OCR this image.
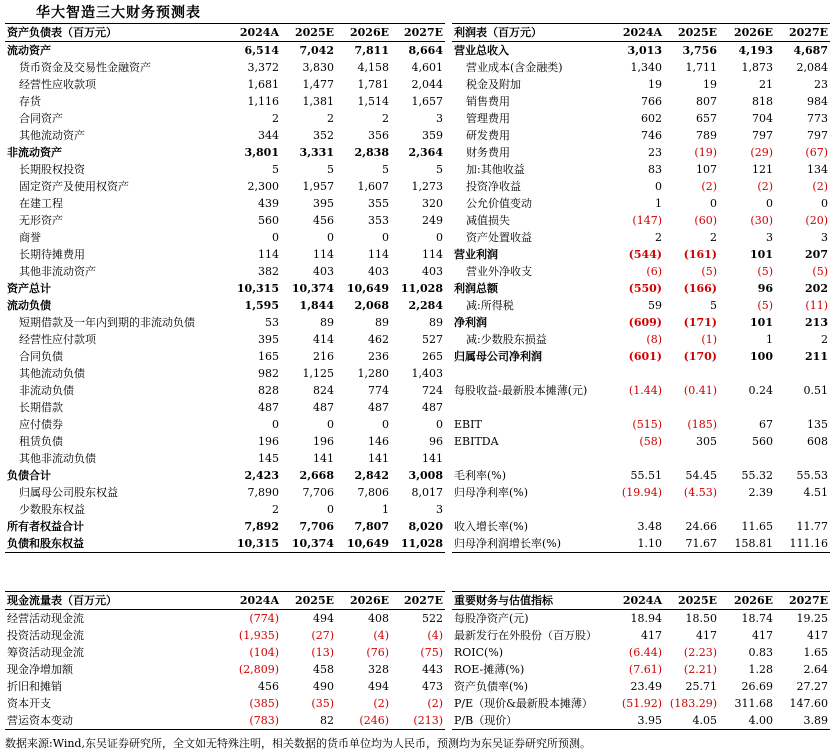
华大智造三大财务预测表
资产负债表（百万元）	2024A	2025E	2026E	2027E
流动资产	6,514	7,042	7,811	8,664
货币资金及交易性金融资产	3,372	3,830	4,158	4,601
经营性应收款项	1,681	1,477	1,781	2,044
存货	1,116	1,381	1,514	1,657
合同资产	2	2	2	3
其他流动资产	344	352	356	359
非流动资产	3,801	3,331	2,838	2,364
长期股权投资	5	5	5	5
固定资产及使用权资产	2,300	1,957	1,607	1,273
在建工程	439	395	355	320
无形资产	560	456	353	249
商誉	0	0	0	0
长期待摊费用	114	114	114	114
其他非流动资产	382	403	403	403
资产总计	10,315	10,374	10,649	11,028
流动负债	1,595	1,844	2,068	2,284
短期借款及一年内到期的非流动负债	53	89	89	89
经营性应付款项	395	414	462	527
合同负债	165	216	236	265
其他流动负债	982	1,125	1,280	1,403
非流动负债	828	824	774	724
长期借款	487	487	487	487
应付债券	0	0	0	0
租赁负债	196	196	146	96
其他非流动负债	145	141	141	141
负债合计	2,423	2,668	2,842	3,008
归属母公司股东权益	7,890	7,706	7,806	8,017
少数股东权益	2	0	1	3
所有者权益合计	7,892	7,706	7,807	8,020
负债和股东权益	10,315	10,374	10,649	11,028
利润表（百万元）	2024A	2025E	2026E	2027E
营业总收入	3,013	3,756	4,193	4,687
营业成本(含金融类)	1,340	1,711	1,873	2,084
税金及附加	19	19	21	23
销售费用	766	807	818	984
管理费用	602	657	704	773
研发费用	746	789	797	797
财务费用	23	(19)	(29)	(67)
加:其他收益	83	107	121	134
投资净收益	0	(2)	(2)	(2)
公允价值变动	1	0	0	0
减值损失	(147)	(60)	(30)	(20)
资产处置收益	2	2	3	3
营业利润	(544)	(161)	101	207
营业外净收支	(6)	(5)	(5)	(5)
利润总额	(550)	(166)	96	202
减:所得税	59	5	(5)	(11)
净利润	(609)	(171)	101	213
减:少数股东损益	(8)	(1)	1	2
归属母公司净利润	(601)	(170)	100	211

每股收益-最新股本摊薄(元)	(1.44)	(0.41)	0.24	0.51

EBIT	(515)	(185)	67	135
EBITDA	(58)	305	560	608

毛利率(%)	55.51	54.45	55.32	55.53
归母净利率(%)	(19.94)	(4.53)	2.39	4.51

收入增长率(%)	3.48	24.66	11.65	11.77
归母净利润增长率(%)	1.10	71.67	158.81	111.16
现金流量表（百万元）	2024A	2025E	2026E	2027E
经营活动现金流	(774)	494	408	522
投资活动现金流	(1,935)	(27)	(4)	(4)
筹资活动现金流	(104)	(13)	(76)	(75)
现金净增加额	(2,809)	458	328	443
折旧和摊销	456	490	494	473
资本开支	(385)	(35)	(2)	(2)
营运资本变动	(783)	82	(246)	(213)
重要财务与估值指标	2024A	2025E	2026E	2027E
每股净资产(元)	18.94	18.50	18.74	19.25
最新发行在外股份（百万股）	417	417	417	417
ROIC(%)	(6.44)	(2.23)	0.83	1.65
ROE-摊薄(%)	(7.61)	(2.21)	1.28	2.64
资产负债率(%)	23.49	25.71	26.69	27.27
P/E（现价&最新股本摊薄）	(51.92)	(183.29)	311.68	147.60
P/B（现价）	3.95	4.05	4.00	3.89
数据来源:Wind,东吴证券研究所，全文如无特殊注明，相关数据的货币单位均为人民币，预测均为东吴证券研究所预测。
